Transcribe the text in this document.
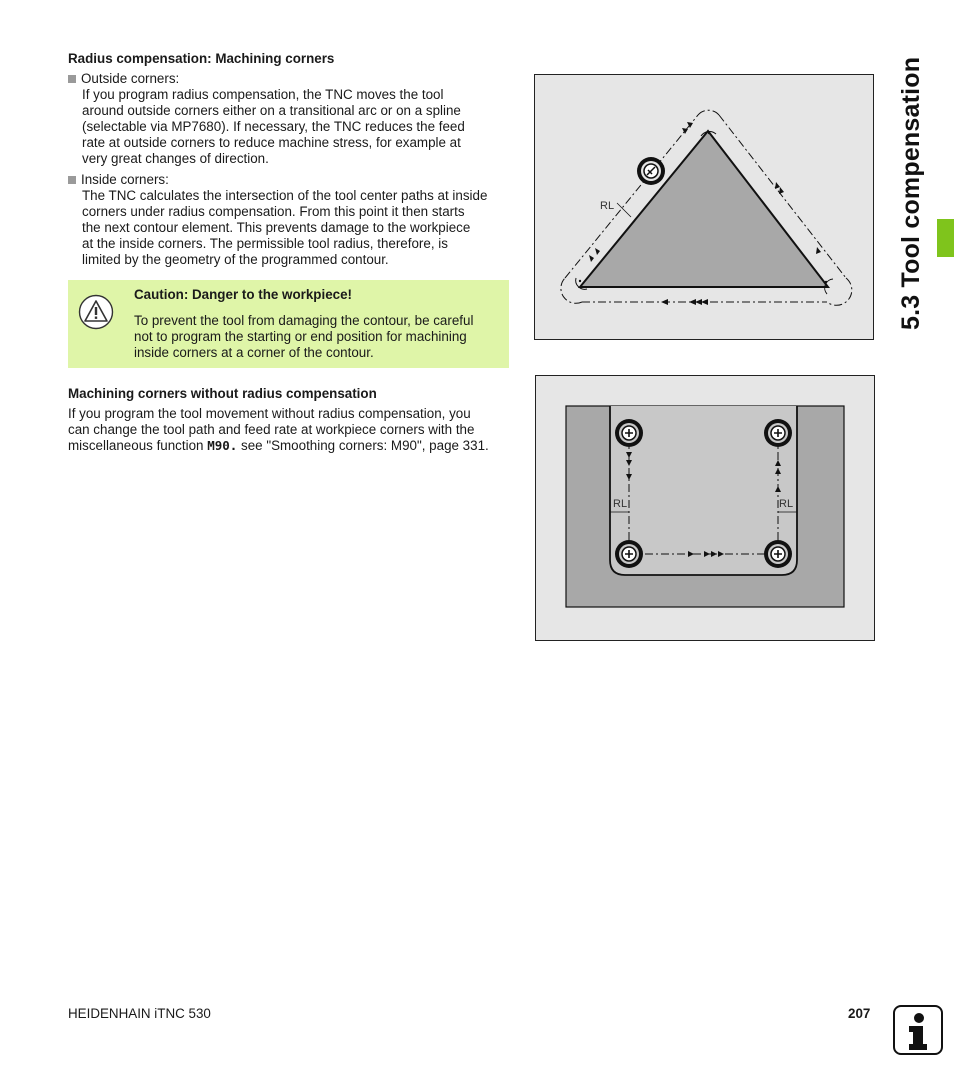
Radius compensation: Machining corners
Outside corners:

If you program radius compensation, the TNC moves the tool

around outside corners either on a transitional arc or on a spline

(selectable via MP7680). If necessary, the TNC reduces the feed

rate at outside corners to reduce machine stress, for example at

very great changes of direction.

Inside corners:

The TNC calculates the intersection of the tool center paths at inside

corners under radius compensation. From this point it then starts

the next contour element. This prevents damage to the workpiece

at the inside corners. The permissible tool radius, therefore, is

limited by the geometry of the programmed contour.

Caution: Danger to the workpiece!

To prevent the tool from damaging the contour, be careful

not to program the starting or end position for machining

inside corners at a corner of the contour.

Machining corners without radius compensation

If you program the tool movement without radius compensation, you

can change the tool path and feed rate at workpiece corners with the

miscellaneous function M90. see "Smoothing corners: M90", page 331.

RL
RL	RL
5.3 Tool compensation
HEIDENHAIN iTNC 530	207
